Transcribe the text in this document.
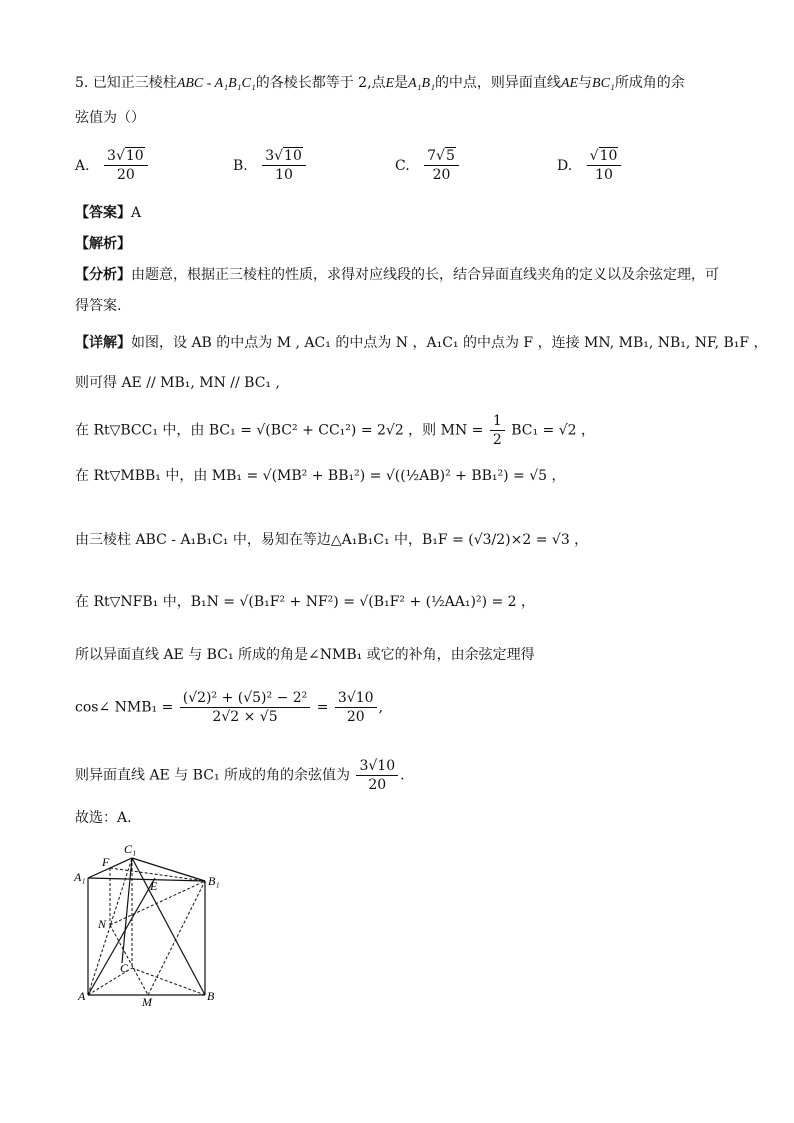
5. 已知正三棱柱ABC - A₁B₁C₁的各棱长都等于 2,点E是A₁B₁的中点，则异面直线AE与BC₁所成角的余
弦值为（）
A. $\frac{3√10}{20}$	B. $\frac{3√10}{10}$	C. $\frac{7√5}{20}$	D. $\frac{√10}{10}$
【答案】A
【解析】
【分析】由题意，根据正三棱柱的性质，求得对应线段的长，结合异面直线夹角的定义以及余弦定理，可
得答案.
【详解】如图，设 AB 的中点为 M , AC₁ 的中点为 N ，A₁C₁ 的中点为 F ，连接 MN, MB₁, NB₁, NF, B₁F ，
则可得 AE // MB₁, MN // BC₁ ,
在 Rt▽BCC₁ 中，由 BC₁ = √(BC² + CC₁²) = 2√2 ，则 MN = $\frac{1}{2} BC_1 = √2$ ，
在 Rt▽MBB₁ 中，由 MB₁ = √(MB² + BB₁²) = √((½AB)² + BB₁²) = √5 ，
由三棱柱 ABC - A₁B₁C₁ 中，易知在等边△A₁B₁C₁ 中，B₁F = (√3/2)×2 = √3 ，
在 Rt▽NFB₁ 中，B₁N = √(B₁F² + NF²) = √(B₁F² + (½AA₁)²) = 2 ，
所以异面直线 AE 与 BC₁ 所成的角是∠NMB₁ 或它的补角，由余弦定理得
cos∠ $NMB_1 = \frac{\text{(√2)² + (√5)² − 2²}}{2√2 \times √5} = \frac{3√10}{20}$ ,
则异面直线 AE 与 BC₁ 所成的角的余弦值为 $\frac{3√10}{20}$ .
故选：A.
C₁
F
A₁
E	B₁
N
C
A	M	B
